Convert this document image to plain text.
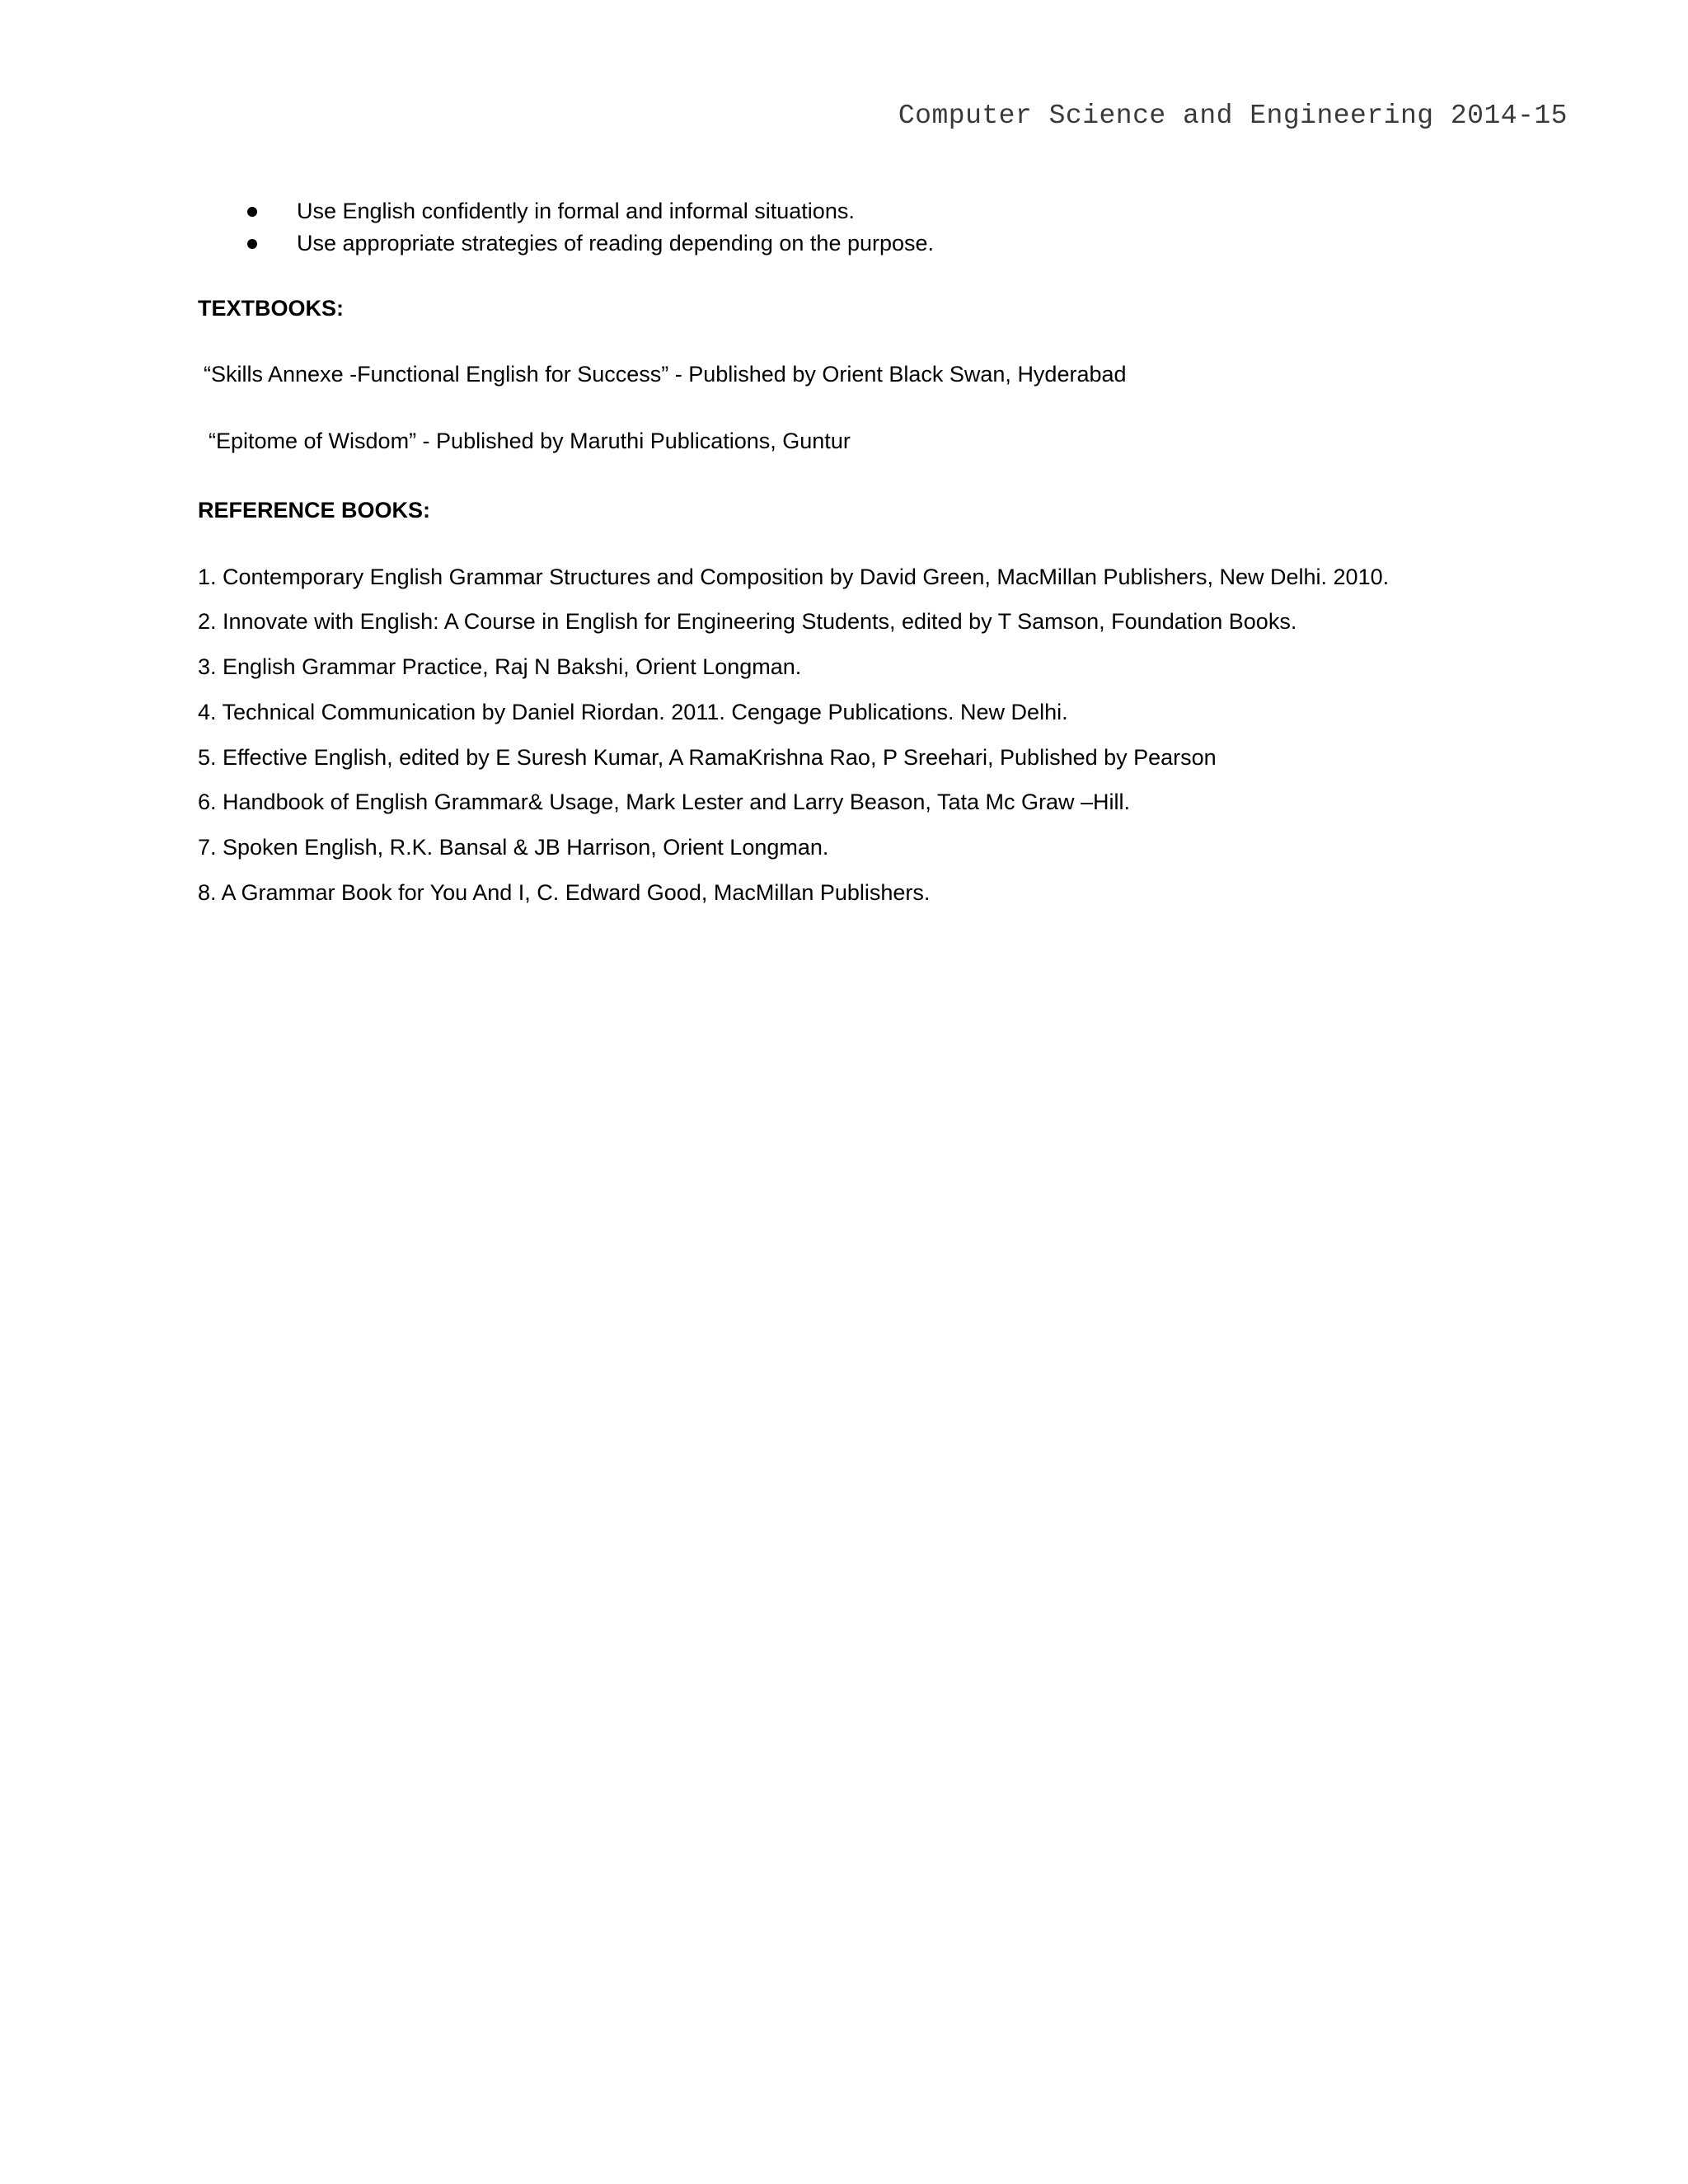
Computer Science and Engineering 2014-15
Use English confidently in formal and informal situations.
Use appropriate strategies of reading depending on the purpose.
TEXTBOOKS:
“Skills Annexe -Functional English for Success” - Published by Orient Black Swan, Hyderabad
“Epitome of Wisdom” - Published by Maruthi Publications, Guntur
REFERENCE BOOKS:
1. Contemporary English Grammar Structures and Composition by David Green, MacMillan Publishers, New Delhi. 2010.
2. Innovate with English: A Course in English for Engineering Students, edited by T Samson, Foundation Books.
3. English Grammar Practice, Raj N Bakshi, Orient Longman.
4. Technical Communication by Daniel Riordan. 2011. Cengage Publications. New Delhi.
5. Effective English, edited by E Suresh Kumar, A RamaKrishna Rao, P Sreehari, Published by Pearson
6. Handbook of English Grammar& Usage, Mark Lester and Larry Beason, Tata Mc Graw –Hill.
7. Spoken English, R.K. Bansal & JB Harrison, Orient Longman.
8. A Grammar Book for You And I, C. Edward Good, MacMillan Publishers.
